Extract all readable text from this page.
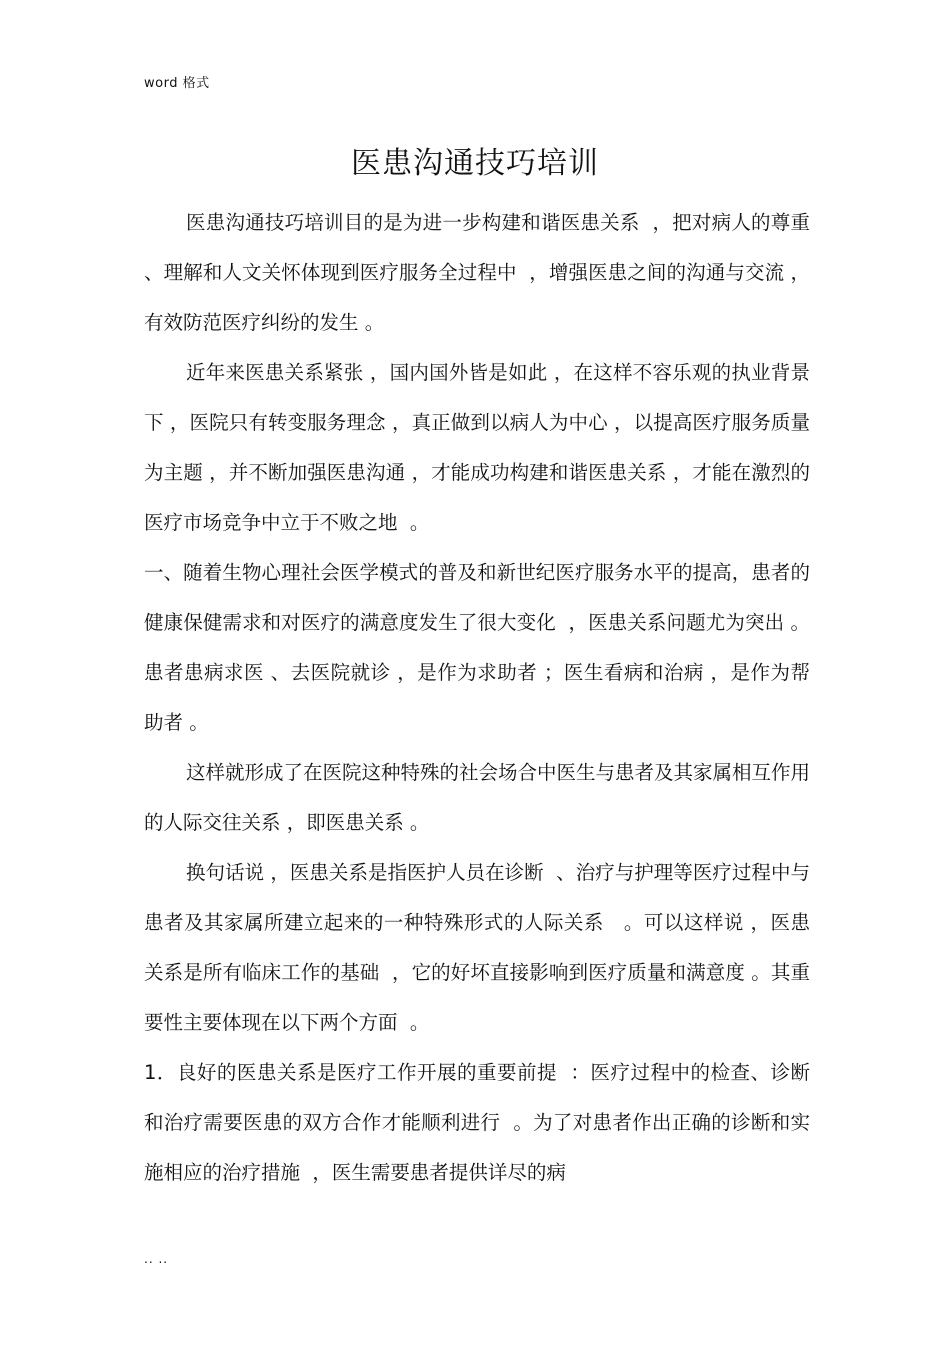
word 格式
医患沟通技巧培训

医患沟通技巧培训目的是为进一步构建和谐医患关系  ，把对病人的尊重 、理解和人文关怀体现到医疗服务全过程中  ，增强医患之间的沟通与交流 ，有效防范医疗纠纷的发生 。

近年来医患关系紧张 ，国内国外皆是如此 ，在这样不容乐观的执业背景下 ，医院只有转变服务理念 ，真正做到以病人为中心 ，以提高医疗服务质量为主题 ，并不断加强医患沟通 ，才能成功构建和谐医患关系 ，才能在激烈的医疗市场竞争中立于不败之地  。

一、随着生物心理社会医学模式的普及和新世纪医疗服务水平的提高，患者的健康保健需求和对医疗的满意度发生了很大变化  ，医患关系问题尤为突出 。患者患病求医 、去医院就诊 ，是作为求助者 ；医生看病和治病 ，是作为帮助者 。

这样就形成了在医院这种特殊的社会场合中医生与患者及其家属相互作用的人际交往关系 ，即医患关系 。

换句话说 ，医患关系是指医护人员在诊断  、治疗与护理等医疗过程中与患者及其家属所建立起来的一种特殊形式的人际关系   。可以这样说 ，医患关系是所有临床工作的基础  ，它的好坏直接影响到医疗质量和满意度 。其重要性主要体现在以下两个方面  。

1．良好的医患关系是医疗工作开展的重要前提  ：医疗过程中的检查、诊断和治疗需要医患的双方合作才能顺利进行  。为了对患者作出正确的诊断和实施相应的治疗措施  ，医生需要患者提供详尽的病

.. ..
